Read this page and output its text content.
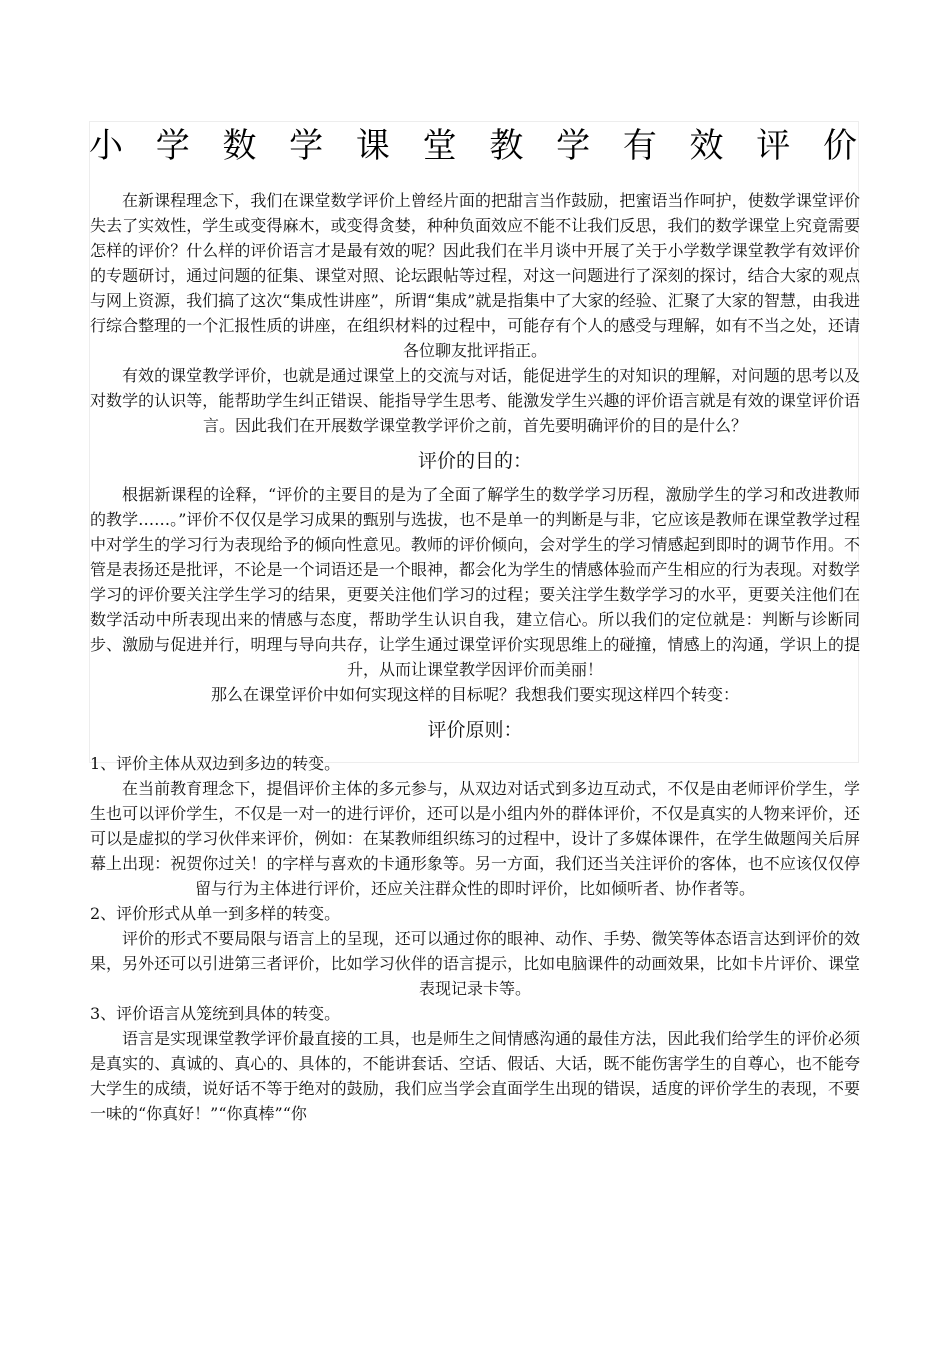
小学数学课堂教学有效评价

在新课程理念下，我们在课堂数学评价上曾经片面的把甜言当作鼓励，把蜜语当作呵护，使数学课堂评价失去了实效性，学生或变得麻木，或变得贪婪，种种负面效应不能不让我们反思，我们的数学课堂上究竟需要怎样的评价？什么样的评价语言才是最有效的呢？因此我们在半月谈中开展了关于小学数学课堂教学有效评价的专题研讨，通过问题的征集、课堂对照、论坛跟帖等过程，对这一问题进行了深刻的探讨，结合大家的观点与网上资源，我们搞了这次“集成性讲座”，所谓“集成”就是指集中了大家的经验、汇聚了大家的智慧，由我进行综合整理的一个汇报性质的讲座，在组织材料的过程中，可能存有个人的感受与理解，如有不当之处，还请各位聊友批评指正。

有效的课堂教学评价，也就是通过课堂上的交流与对话，能促进学生的对知识的理解，对问题的思考以及对数学的认识等，能帮助学生纠正错误、能指导学生思考、能激发学生兴趣的评价语言就是有效的课堂评价语言。因此我们在开展数学课堂教学评价之前，首先要明确评价的目的是什么？

评价的目的：

根据新课程的诠释，“评价的主要目的是为了全面了解学生的数学学习历程，激励学生的学习和改进教师的教学……。”评价不仅仅是学习成果的甄别与选拔，也不是单一的判断是与非，它应该是教师在课堂教学过程中对学生的学习行为表现给予的倾向性意见。教师的评价倾向，会对学生的学习情感起到即时的调节作用。不管是表扬还是批评，不论是一个词语还是一个眼神，都会化为学生的情感体验而产生相应的行为表现。对数学学习的评价要关注学生学习的结果，更要关注他们学习的过程；要关注学生数学学习的水平，更要关注他们在数学活动中所表现出来的情感与态度，帮助学生认识自我，建立信心。所以我们的定位就是：判断与诊断同步、激励与促进并行，明理与导向共存，让学生通过课堂评价实现思维上的碰撞，情感上的沟通，学识上的提升，从而让课堂教学因评价而美丽！

那么在课堂评价中如何实现这样的目标呢？我想我们要实现这样四个转变：

评价原则：

1、评价主体从双边到多边的转变。

在当前教育理念下，提倡评价主体的多元参与，从双边对话式到多边互动式，不仅是由老师评价学生，学生也可以评价学生，不仅是一对一的进行评价，还可以是小组内外的群体评价，不仅是真实的人物来评价，还可以是虚拟的学习伙伴来评价，例如：在某教师组织练习的过程中，设计了多媒体课件，在学生做题闯关后屏幕上出现：祝贺你过关！的字样与喜欢的卡通形象等。另一方面，我们还当关注评价的客体，也不应该仅仅停留与行为主体进行评价，还应关注群众性的即时评价，比如倾听者、协作者等。

2、评价形式从单一到多样的转变。

评价的形式不要局限与语言上的呈现，还可以通过你的眼神、动作、手势、微笑等体态语言达到评价的效果，另外还可以引进第三者评价，比如学习伙伴的语言提示，比如电脑课件的动画效果，比如卡片评价、课堂表现记录卡等。

3、评价语言从笼统到具体的转变。

语言是实现课堂教学评价最直接的工具，也是师生之间情感沟通的最佳方法，因此我们给学生的评价必须是真实的、真诚的、真心的、具体的，不能讲套话、空话、假话、大话，既不能伤害学生的自尊心，也不能夸大学生的成绩，说好话不等于绝对的鼓励，我们应当学会直面学生出现的错误，适度的评价学生的表现，不要一味的“你真好！”“你真棒”“你
